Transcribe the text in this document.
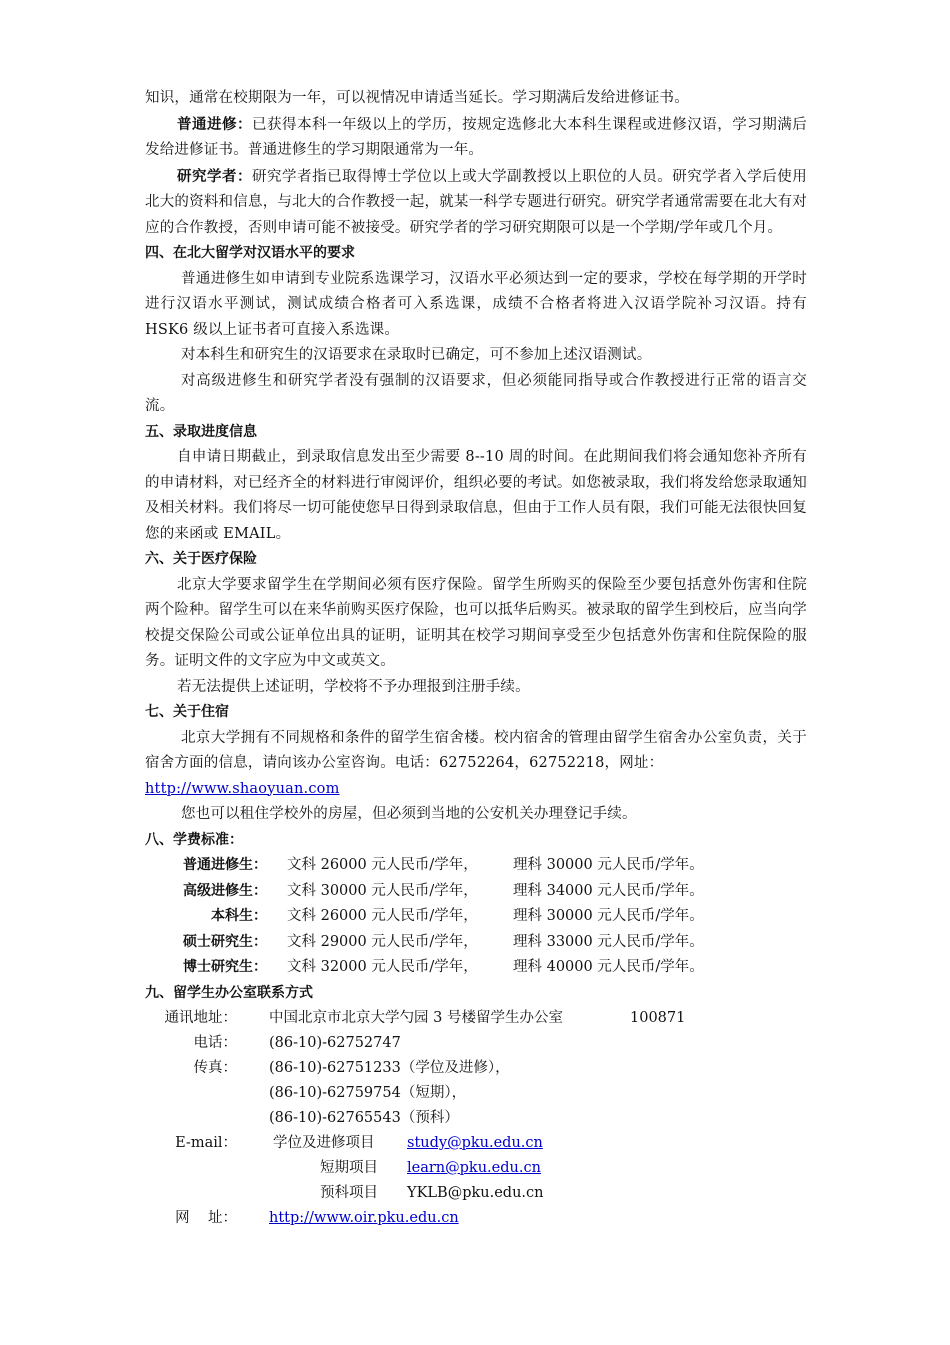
知识，通常在校期限为一年，可以视情况申请适当延长。学习期满后发给进修证书。

普通进修：已获得本科一年级以上的学历，按规定选修北大本科生课程或进修汉语，学习期满后发给进修证书。普通进修生的学习期限通常为一年。

研究学者：研究学者指已取得博士学位以上或大学副教授以上职位的人员。研究学者入学后使用北大的资料和信息，与北大的合作教授一起，就某一科学专题进行研究。研究学者通常需要在北大有对应的合作教授，否则申请可能不被接受。研究学者的学习研究期限可以是一个学期/学年或几个月。

四、在北大留学对汉语水平的要求

普通进修生如申请到专业院系选课学习，汉语水平必须达到一定的要求，学校在每学期的开学时进行汉语水平测试，测试成绩合格者可入系选课，成绩不合格者将进入汉语学院补习汉语。持有 HSK6 级以上证书者可直接入系选课。

对本科生和研究生的汉语要求在录取时已确定，可不参加上述汉语测试。

对高级进修生和研究学者没有强制的汉语要求，但必须能同指导或合作教授进行正常的语言交流。

五、录取进度信息

自申请日期截止，到录取信息发出至少需要 8--10 周的时间。在此期间我们将会通知您补齐所有的申请材料，对已经齐全的材料进行审阅评价，组织必要的考试。如您被录取，我们将发给您录取通知及相关材料。我们将尽一切可能使您早日得到录取信息，但由于工作人员有限，我们可能无法很快回复您的来函或 EMAIL。

六、关于医疗保险

北京大学要求留学生在学期间必须有医疗保险。留学生所购买的保险至少要包括意外伤害和住院两个险种。留学生可以在来华前购买医疗保险，也可以抵华后购买。被录取的留学生到校后，应当向学校提交保险公司或公证单位出具的证明，证明其在校学习期间享受至少包括意外伤害和住院保险的服务。证明文件的文字应为中文或英文。

若无法提供上述证明，学校将不予办理报到注册手续。

七、关于住宿

北京大学拥有不同规格和条件的留学生宿舍楼。校内宿舍的管理由留学生宿舍办公室负责，关于宿舍方面的信息，请向该办公室咨询。电话：62752264，62752218，网址：
http://www.shaoyuan.com

您也可以租住学校外的房屋，但必须到当地的公安机关办理登记手续。

八、学费标准：

普通进修生： 文科 26000 元人民币/学年， 理科 30000 元人民币/学年。
高级进修生： 文科 30000 元人民币/学年， 理科 34000 元人民币/学年。
本科生： 文科 26000 元人民币/学年， 理科 30000 元人民币/学年。
硕士研究生： 文科 29000 元人民币/学年， 理科 33000 元人民币/学年。
博士研究生： 文科 32000 元人民币/学年， 理科 40000 元人民币/学年。

九、留学生办公室联系方式

通讯地址： 中国北京市北京大学勺园 3 号楼留学生办公室	100871
电话： (86-10)-62752747
传真： (86-10)-62751233（学位及进修），
(86-10)-62759754（短期），
(86-10)-62765543（预科）
E-mail： 学位及进修项目 study@pku.edu.cn
短期项目 learn@pku.edu.cn
预科项目 YKLB@pku.edu.cn
网    址： http://www.oir.pku.edu.cn
